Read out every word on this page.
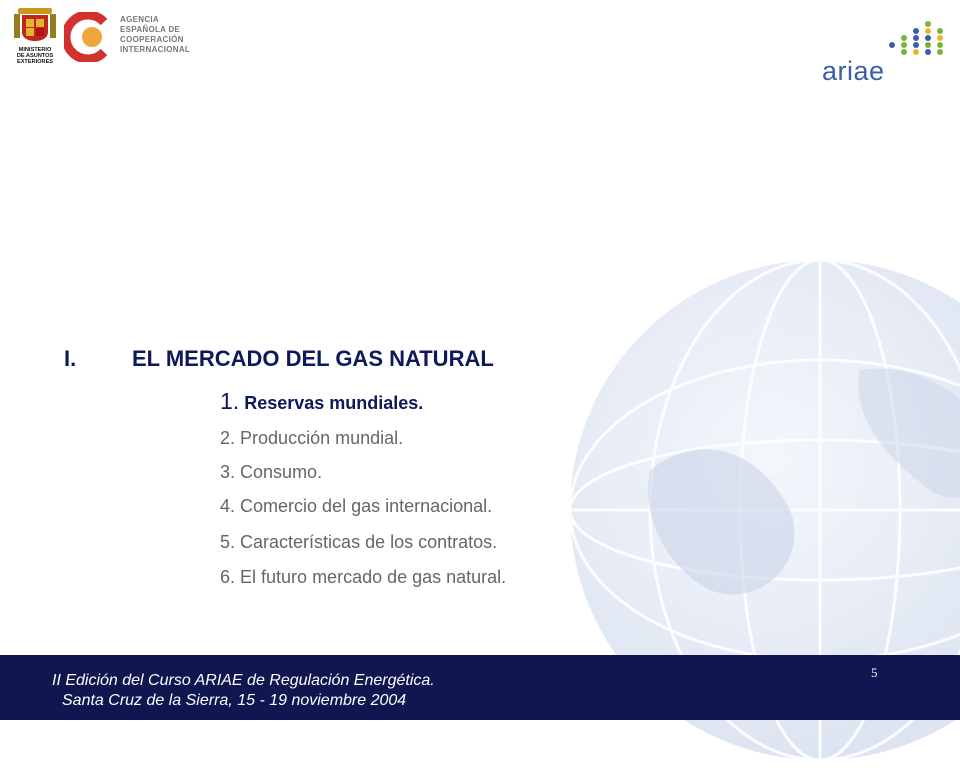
MINISTERIO
DE ASUNTOS
EXTERIORES
AGENCIA
ESPAÑOLA DE
COOPERACIÓN
INTERNACIONAL
ariae
I.	EL MERCADO DEL GAS NATURAL
1. Reservas mundiales.
2. Producción mundial.
3. Consumo.
4. Comercio del gas internacional.
5. Características de los contratos.
6. El futuro mercado de gas natural.
II Edición del Curso ARIAE de Regulación Energética.
Santa Cruz de la Sierra, 15 - 19 noviembre 2004
5
